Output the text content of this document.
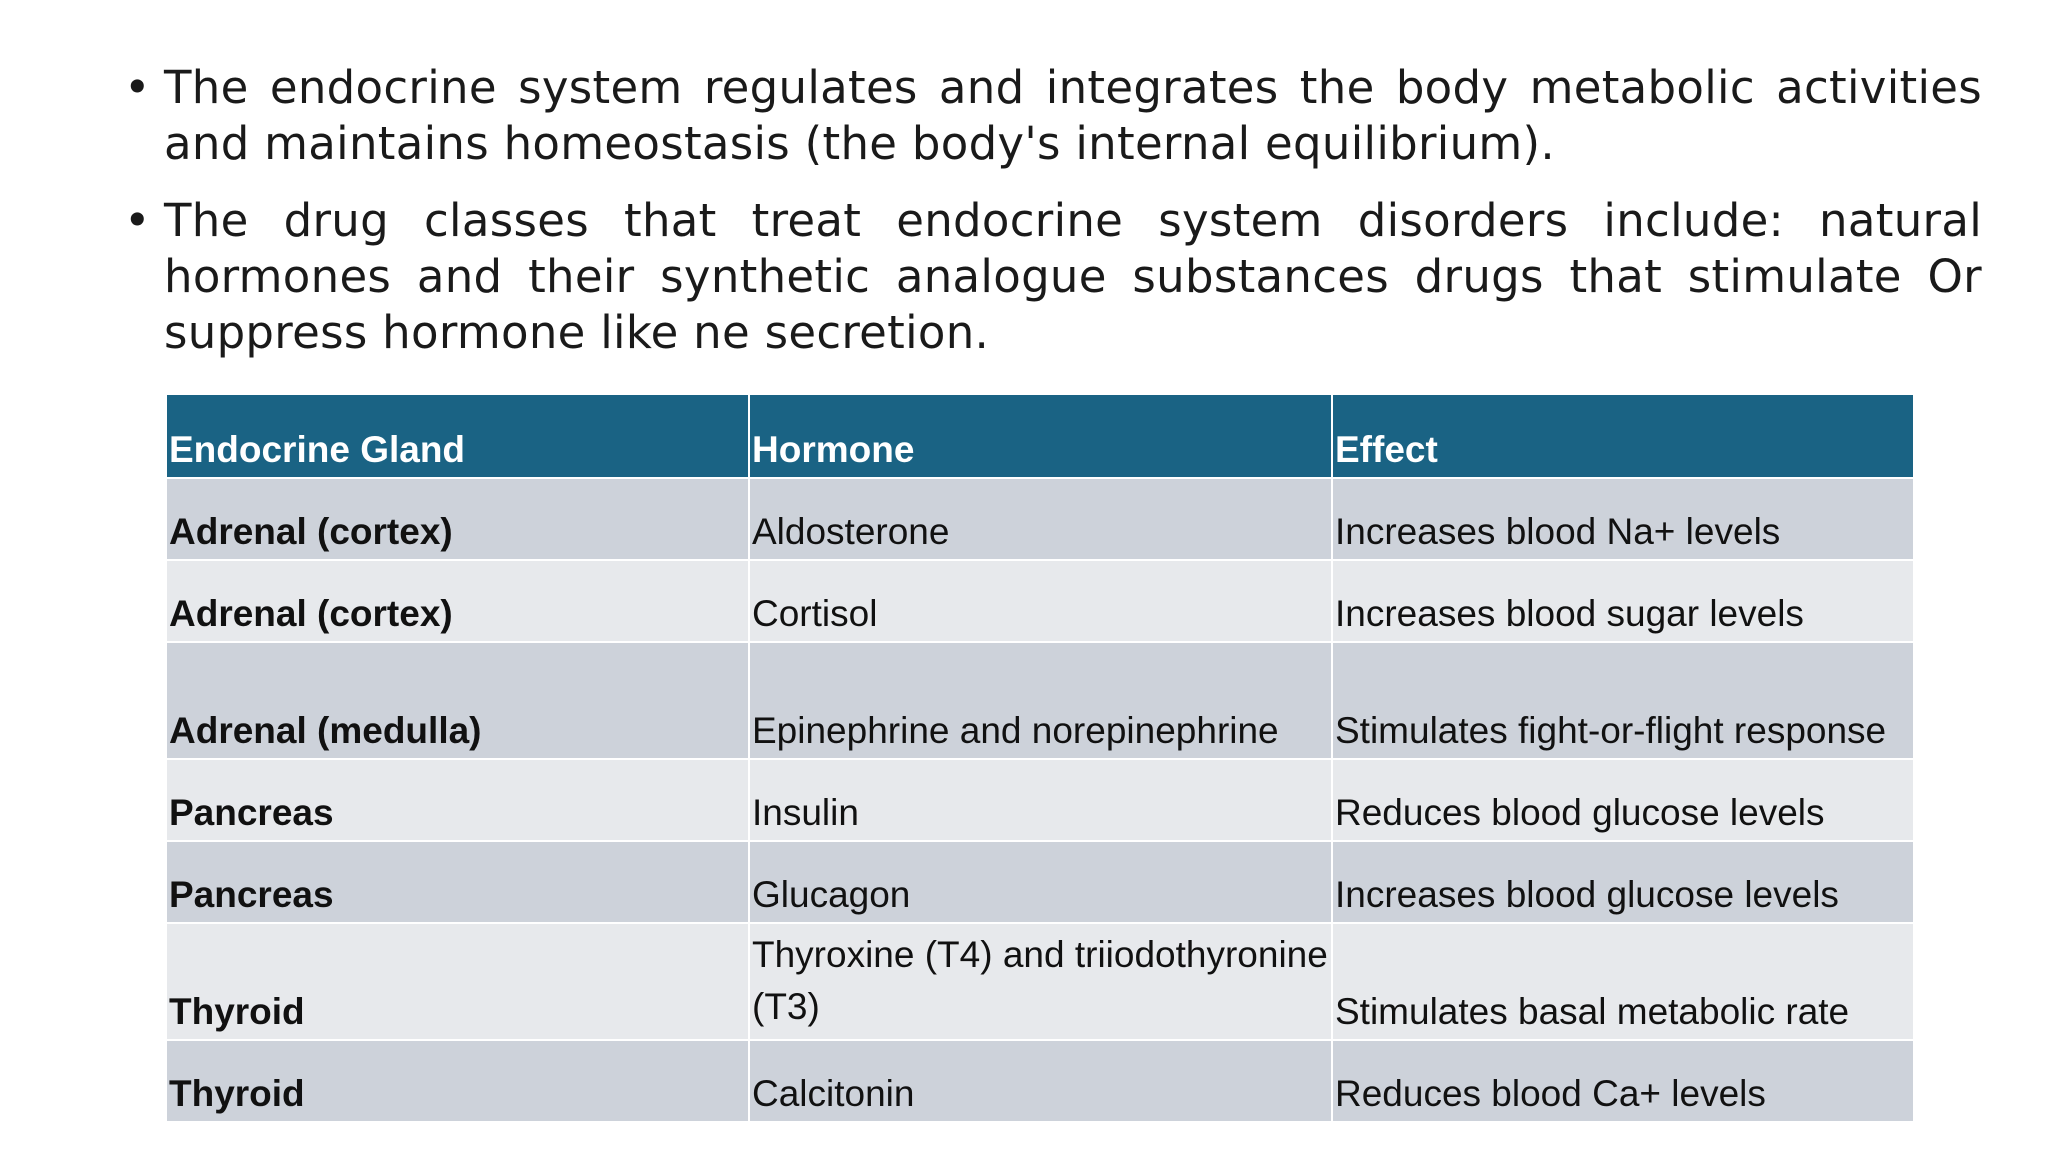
• The endocrine system regulates and integrates the body metabolic activities and maintains homeostasis (the body's internal equilibrium).
• The drug classes that treat endocrine system disorders include: natural hormones and their synthetic analogue substances drugs that stimulate Or suppress hormone like ne secretion.
Endocrine Gland	Hormone	Effect
Adrenal (cortex)	Aldosterone	Increases blood Na+ levels
Adrenal (cortex)	Cortisol	Increases blood sugar levels
Adrenal (medulla)	Epinephrine and norepinephrine	Stimulates fight-or-flight response
Pancreas	Insulin	Reduces blood glucose levels
Pancreas	Glucagon	Increases blood glucose levels
Thyroid	Thyroxine (T4) and triiodothyronine (T3)	Stimulates basal metabolic rate
Thyroid	Calcitonin	Reduces blood Ca+ levels
